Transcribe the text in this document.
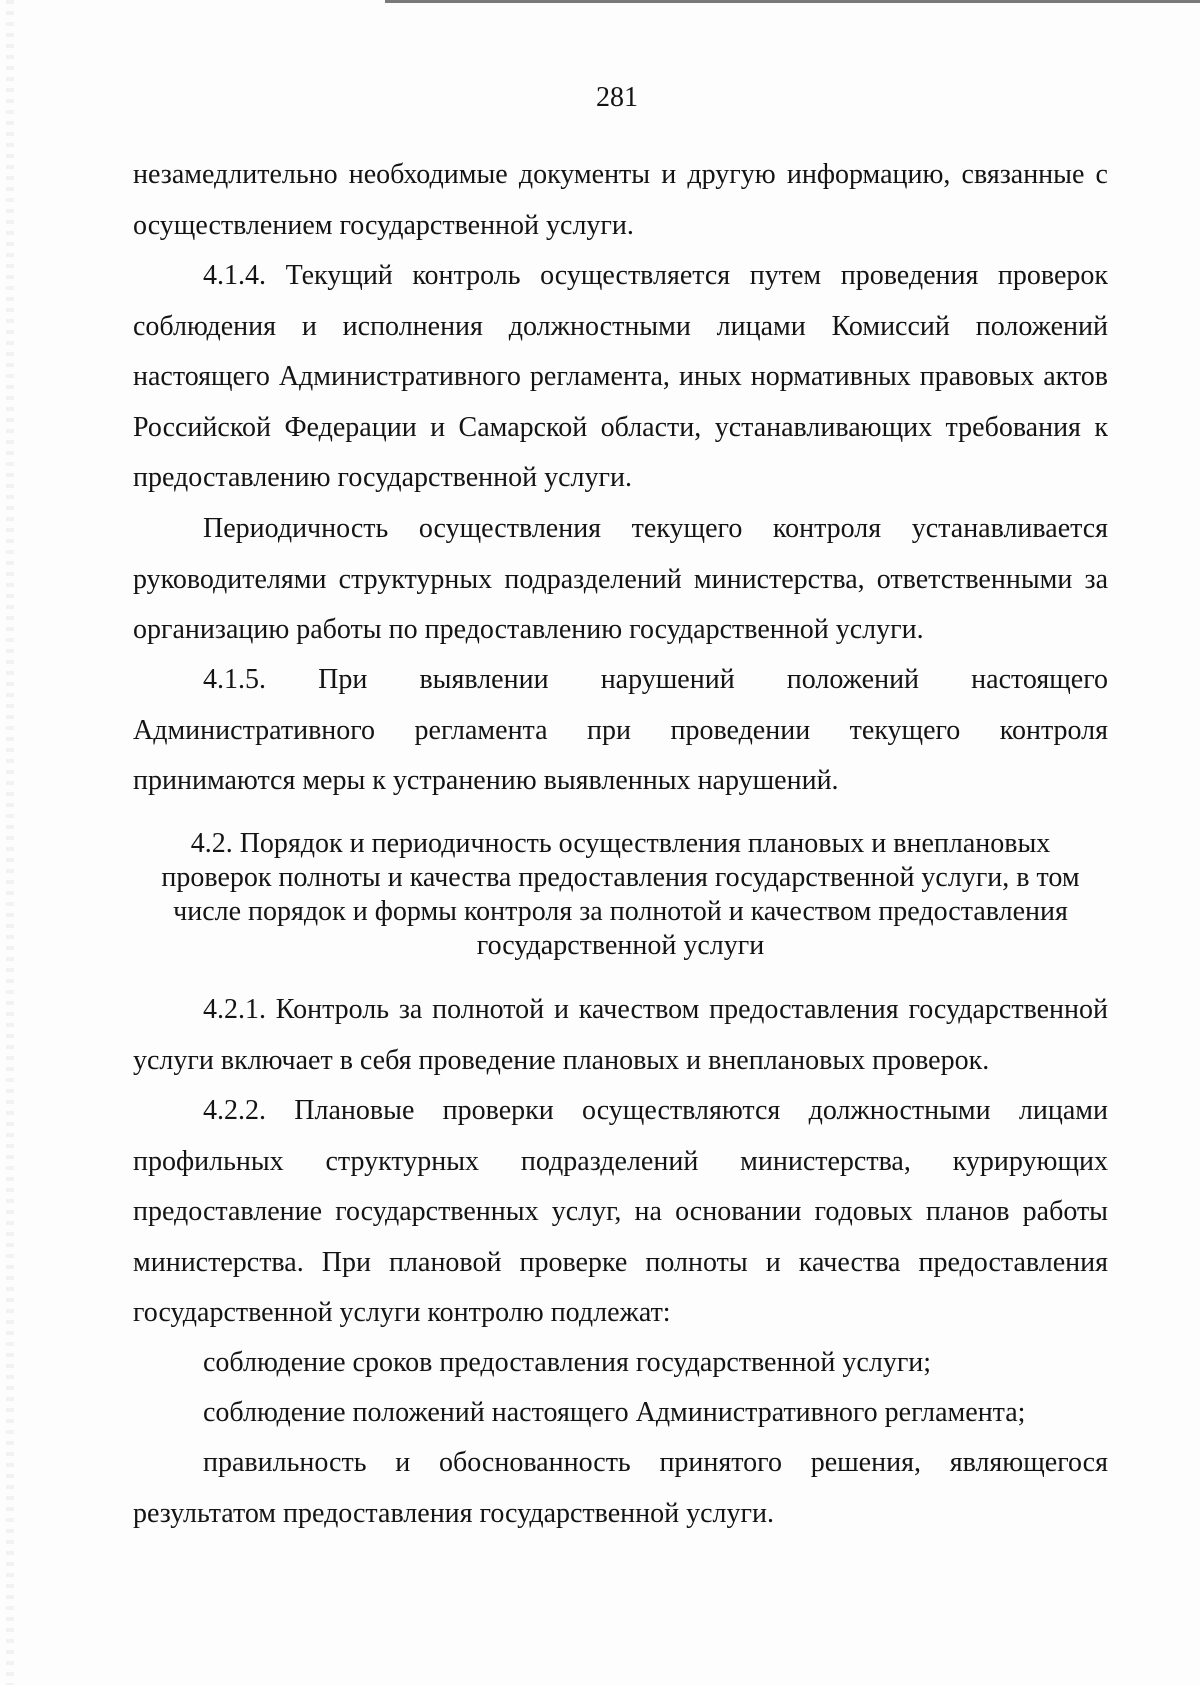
281
незамедлительно необходимые документы и другую информацию, связанные с
осуществлением государственной услуги.
4.1.4. Текущий контроль осуществляется путем проведения проверок
соблюдения и исполнения должностными лицами Комиссий положений
настоящего Административного регламента, иных нормативных правовых актов
Российской Федерации и Самарской области, устанавливающих требования к
предоставлению государственной услуги.
Периодичность осуществления текущего контроля устанавливается
руководителями структурных подразделений министерства, ответственными за
организацию работы по предоставлению государственной услуги.
4.1.5. При выявлении нарушений положений настоящего
Административного регламента при проведении текущего контроля
принимаются меры к устранению выявленных нарушений.
4.2. Порядок и периодичность осуществления плановых и внеплановых
проверок полноты и качества предоставления государственной услуги, в том
числе порядок и формы контроля за полнотой и качеством предоставления
государственной услуги
4.2.1. Контроль за полнотой и качеством предоставления государственной
услуги включает в себя проведение плановых и внеплановых проверок.
4.2.2. Плановые проверки осуществляются должностными лицами
профильных структурных подразделений министерства, курирующих
предоставление государственных услуг, на основании годовых планов работы
министерства. При плановой проверке полноты и качества предоставления
государственной услуги контролю подлежат:
соблюдение сроков предоставления государственной услуги;
соблюдение положений настоящего Административного регламента;
правильность и обоснованность принятого решения, являющегося
результатом предоставления государственной услуги.
